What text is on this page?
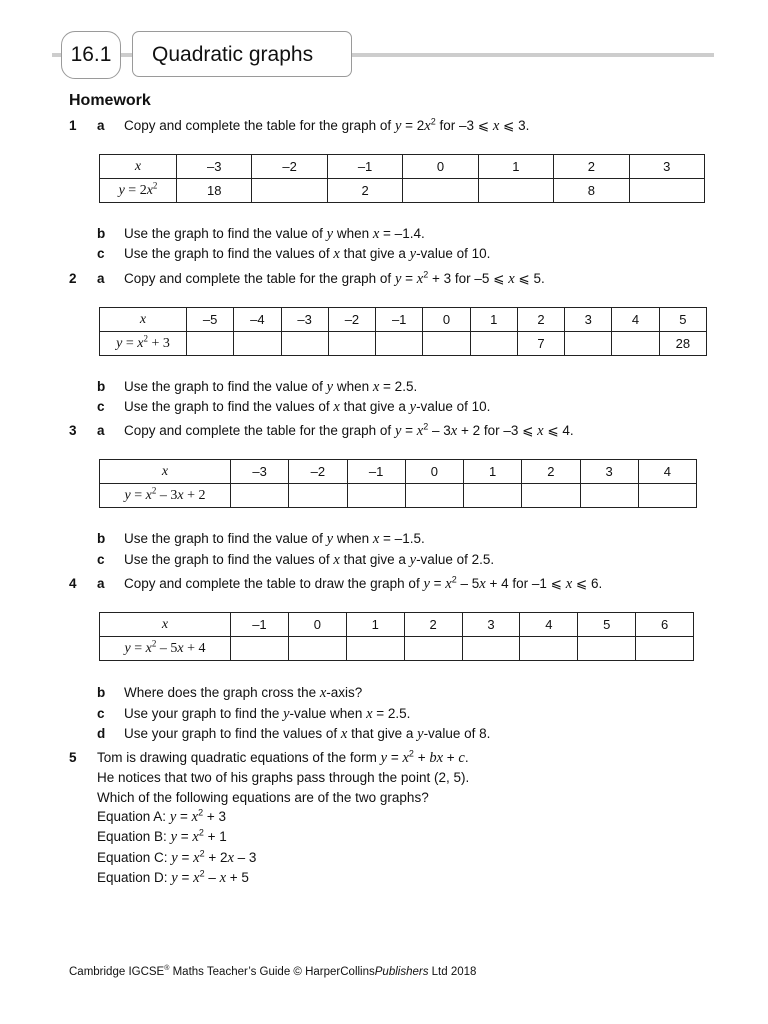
16.1	Quadratic graphs
Homework
1 a Copy and complete the table for the graph of $y = 2x^2$ for –3 ⩽ x ⩽ 3.
x	–3	–2	–1	0	1	2	3
$y = 2x^2$	18		2			8	
b Use the graph to find the value of y when x = –1.4.
c Use the graph to find the values of x that give a y-value of 10.
2 a Copy and complete the table for the graph of $y = x^2 + 3$ for –5 ⩽ x ⩽ 5.
x	–5	–4	–3	–2	–1	0	1	2	3	4	5
$y = x^2 + 3$								7			28
b Use the graph to find the value of y when x = 2.5.
c Use the graph to find the values of x that give a y-value of 10.
3 a Copy and complete the table for the graph of $y = x^2 - 3x + 2$ for –3 ⩽ x ⩽ 4.
x	–3	–2	–1	0	1	2	3	4
$y = x^2 - 3x + 2$								
b Use the graph to find the value of y when x = –1.5.
c Use the graph to find the values of x that give a y-value of 2.5.
4 a Copy and complete the table to draw the graph of $y = x^2 - 5x + 4$ for –1 ⩽ x ⩽ 6.
x	–1	0	1	2	3	4	5	6
$y = x^2 - 5x + 4$								
b Where does the graph cross the x-axis?
c Use your graph to find the y-value when x = 2.5.
d Use your graph to find the values of x that give a y-value of 8.
5 Tom is drawing quadratic equations of the form $y = x^2$ + bx + c.
He notices that two of his graphs pass through the point (2, 5).
Which of the following equations are of the two graphs?
Equation A: $y = x^2 + 3$
Equation B: $y = x^2 + 1$
Equation C: $y = x^2 + 2x - 3$
Equation D: $y = x^2 - x + 5$
Cambridge IGCSE® Maths Teacher’s Guide © HarperCollinsPublishers Ltd 2018
